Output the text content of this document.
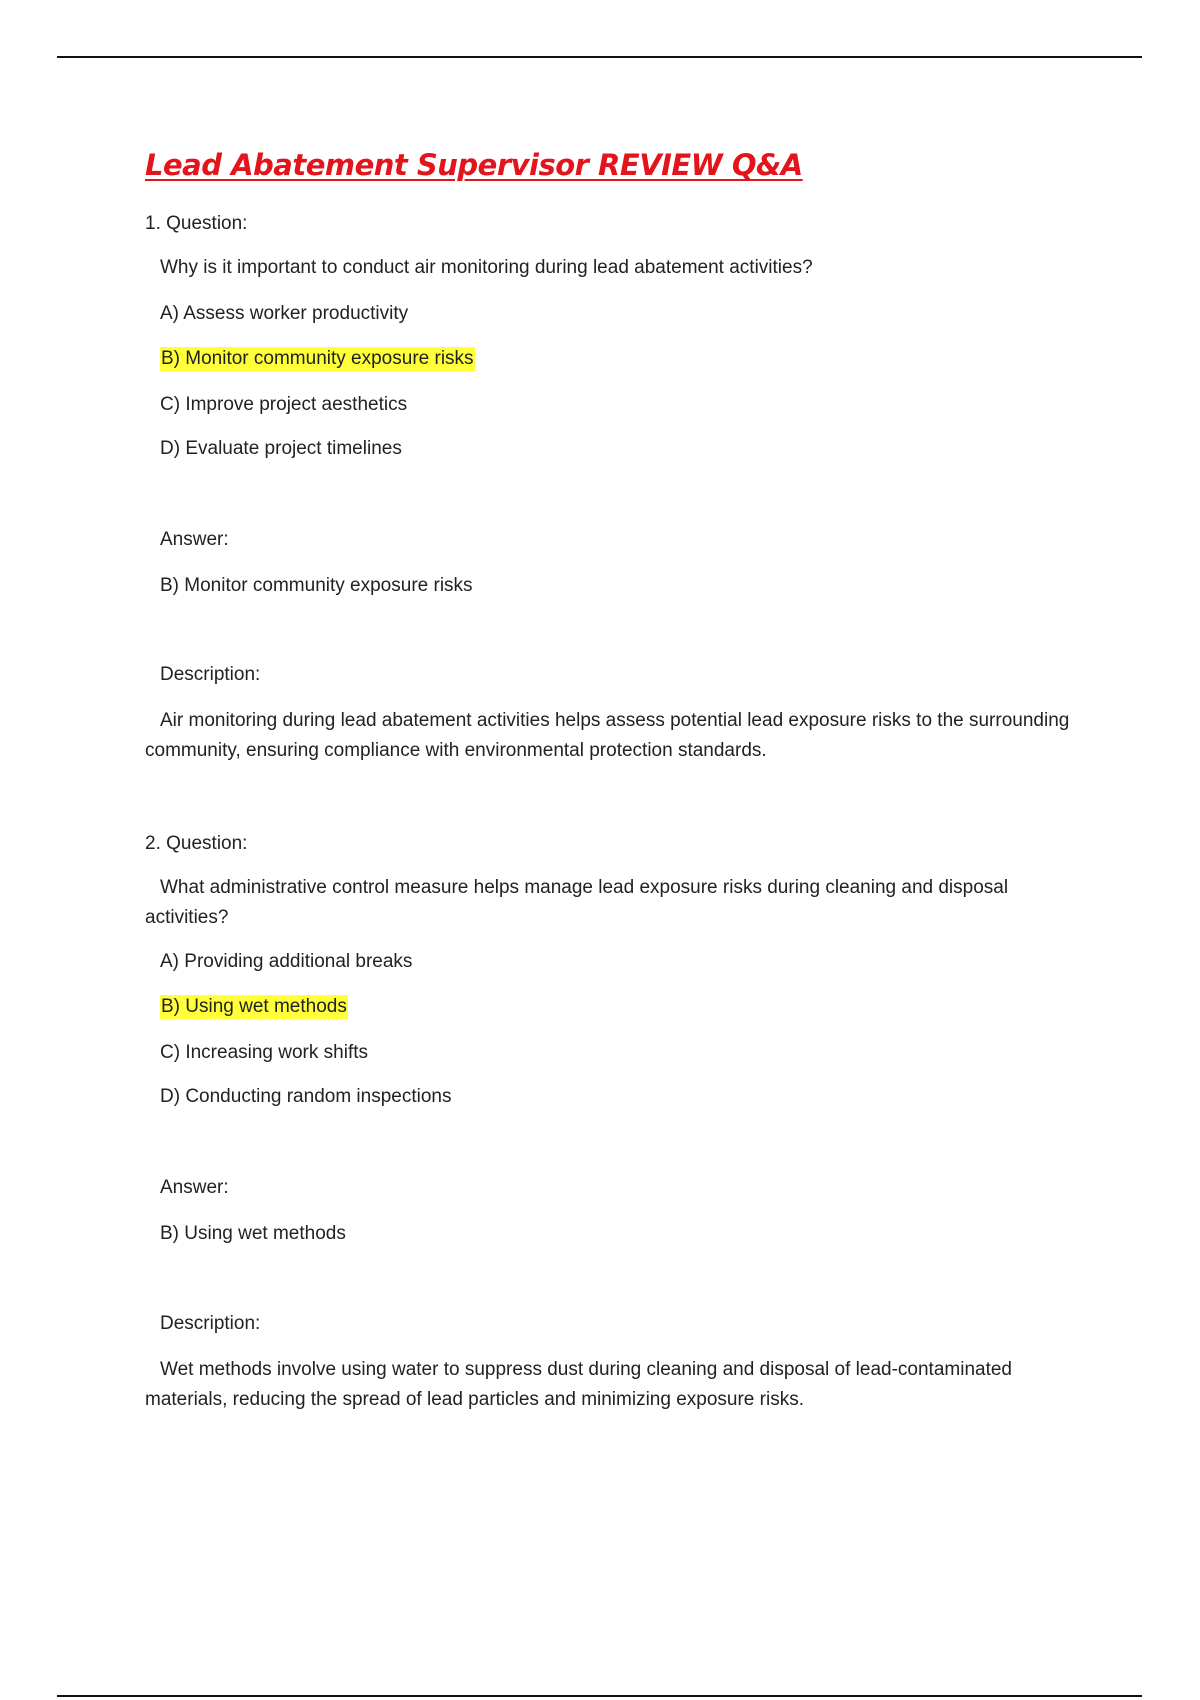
Lead Abatement Supervisor REVIEW Q&A
1. Question:
Why is it important to conduct air monitoring during lead abatement activities?
A) Assess worker productivity
B) Monitor community exposure risks
C) Improve project aesthetics
D) Evaluate project timelines
Answer:
B) Monitor community exposure risks
Description:
Air monitoring during lead abatement activities helps assess potential lead exposure risks to the surrounding community, ensuring compliance with environmental protection standards.
2. Question:
What administrative control measure helps manage lead exposure risks during cleaning and disposal activities?
A) Providing additional breaks
B) Using wet methods
C) Increasing work shifts
D) Conducting random inspections
Answer:
B) Using wet methods
Description:
Wet methods involve using water to suppress dust during cleaning and disposal of lead-contaminated materials, reducing the spread of lead particles and minimizing exposure risks.
